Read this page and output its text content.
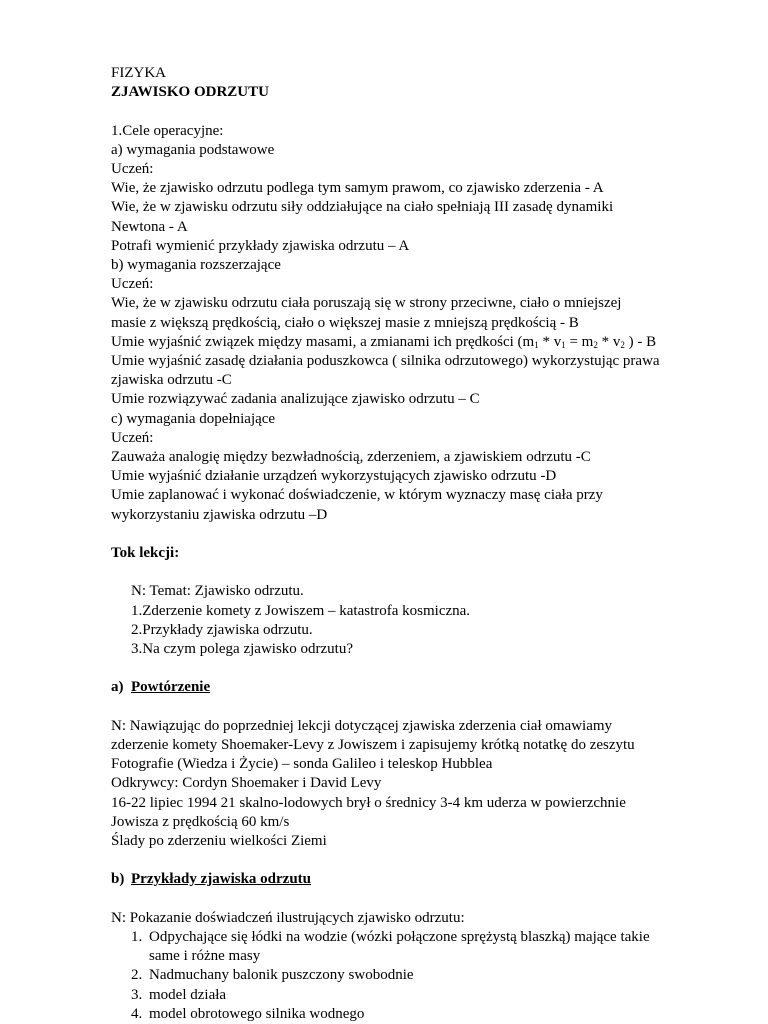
FIZYKA
ZJAWISKO ODRZUTU
1.Cele operacyjne:
a) wymagania podstawowe
Uczeń:
Wie, że zjawisko odrzutu podlega tym samym prawom, co zjawisko zderzenia - A
Wie, że w zjawisku odrzutu siły oddziałujące na ciało spełniają III zasadę dynamiki
Newtona - A
Potrafi wymienić przykłady zjawiska odrzutu – A
b) wymagania rozszerzające
Uczeń:
Wie, że w zjawisku odrzutu ciała poruszają się w strony przeciwne, ciało o mniejszej
masie z większą prędkością, ciało o większej masie z mniejszą prędkością - B
Umie wyjaśnić związek między masami, a zmianami ich prędkości ($m_1 * v_1 = m_2 * v_2$ ) - B
Umie wyjaśnić zasadę działania poduszkowca ( silnika odrzutowego) wykorzystując prawa
zjawiska odrzutu -C
Umie rozwiązywać zadania analizujące zjawisko odrzutu – C
c) wymagania dopełniające
Uczeń:
Zauważa analogię między bezwładnością, zderzeniem, a zjawiskiem odrzutu -C
Umie wyjaśnić działanie urządzeń wykorzystujących zjawisko odrzutu -D
Umie zaplanować i wykonać doświadczenie, w którym wyznaczy masę ciała przy
wykorzystaniu zjawiska odrzutu –D
Tok lekcji:
N: Temat: Zjawisko odrzutu.
1.Zderzenie komety z Jowiszem – katastrofa kosmiczna.
2.Przykłady zjawiska odrzutu.
3.Na czym polega zjawisko odrzutu?
a) Powtórzenie
N: Nawiązując do poprzedniej lekcji dotyczącej zjawiska zderzenia ciał omawiamy
zderzenie komety Shoemaker-Levy z Jowiszem i zapisujemy krótką notatkę do zeszytu
Fotografie (Wiedza i Życie) – sonda Galileo i teleskop Hubblea
Odkrywcy: Cordyn Shoemaker i David Levy
16-22 lipiec 1994 21 skalno-lodowych brył o średnicy 3-4 km uderza w powierzchnie
Jowisza z prędkością 60 km/s
Ślady po zderzeniu wielkości Ziemi
b) Przykłady zjawiska odrzutu
N: Pokazanie doświadczeń ilustrujących zjawisko odrzutu:
1. Odpychające się łódki na wodzie (wózki połączone sprężystą blaszką) mające takie
same i różne masy
2. Nadmuchany balonik puszczony swobodnie
3. model działa
4. model obrotowego silnika wodnego
